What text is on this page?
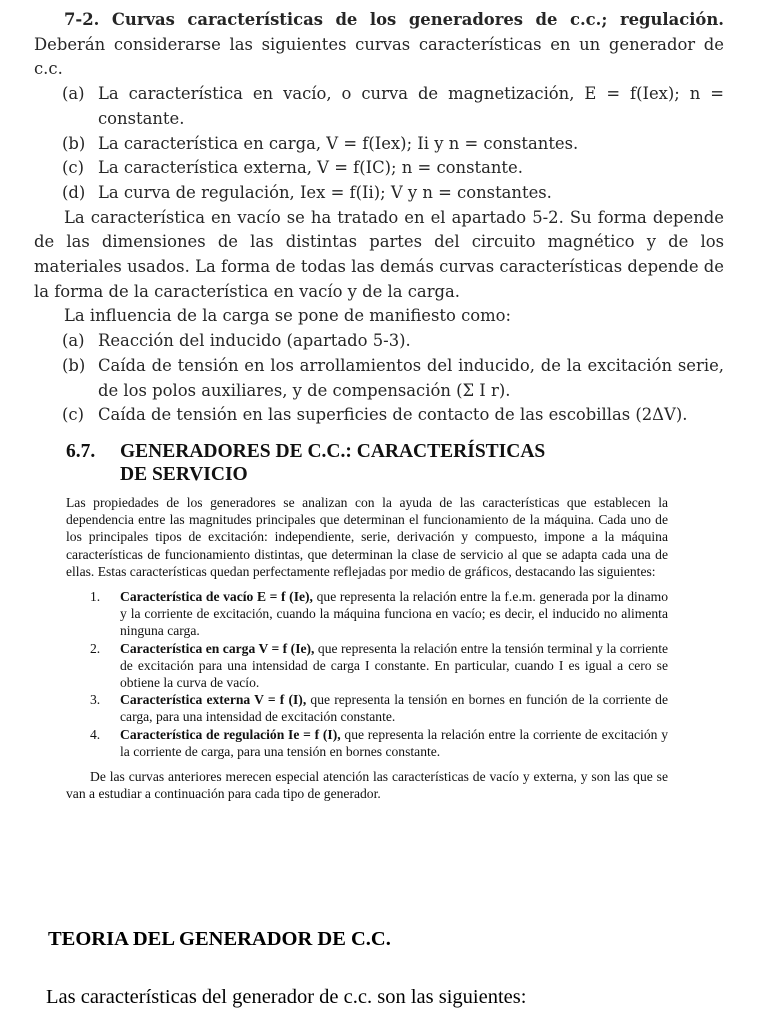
7-2. Curvas características de los generadores de c.c.; regulación. Deberán considerarse las siguientes curvas características en un generador de c.c.

(a) La característica en vacío, o curva de magnetización, E = f(Iex); n = constante.

(b) La característica en carga, V = f(Iex); Ii y n = constantes.

(c) La característica externa, V = f(IC); n = constante.

(d) La curva de regulación, Iex = f(Ii); V y n = constantes.

La característica en vacío se ha tratado en el apartado 5-2. Su forma depende de las dimensiones de las distintas partes del circuito magnético y de los materiales usados. La forma de todas las demás curvas características depende de la forma de la característica en vacío y de la carga.

La influencia de la carga se pone de manifiesto como:

(a) Reacción del inducido (apartado 5-3).

(b) Caída de tensión en los arrollamientos del inducido, de la excitación serie, de los polos auxiliares, y de compensación (Σ I r).

(c) Caída de tensión en las superficies de contacto de las escobillas (2ΔV).

6.7. GENERADORES DE C.C.: CARACTERÍSTICAS
DE SERVICIO

Las propiedades de los generadores se analizan con la ayuda de las características que establecen la dependencia entre las magnitudes principales que determinan el funcionamiento de la máquina. Cada uno de los principales tipos de excitación: independiente, serie, derivación y compuesto, impone a la máquina características de funcionamiento distintas, que determinan la clase de servicio al que se adapta cada una de ellas. Estas características quedan perfectamente reflejadas por medio de gráficos, destacando las siguientes:

1. Característica de vacío E = f (Ie), que representa la relación entre la f.e.m. generada por la dinamo y la corriente de excitación, cuando la máquina funciona en vacío; es decir, el inducido no alimenta ninguna carga.
2. Característica en carga V = f (Ie), que representa la relación entre la tensión terminal y la corriente de excitación para una intensidad de carga I constante. En particular, cuando I es igual a cero se obtiene la curva de vacío.
3. Característica externa V = f (I), que representa la tensión en bornes en función de la corriente de carga, para una intensidad de excitación constante.
4. Característica de regulación Ie = f (I), que representa la relación entre la corriente de excitación y la corriente de carga, para una tensión en bornes constante.

De las curvas anteriores merecen especial atención las características de vacío y externa, y son las que se van a estudiar a continuación para cada tipo de generador.

TEORIA DEL GENERADOR DE C.C.

Las características del generador de c.c. son las siguientes:
